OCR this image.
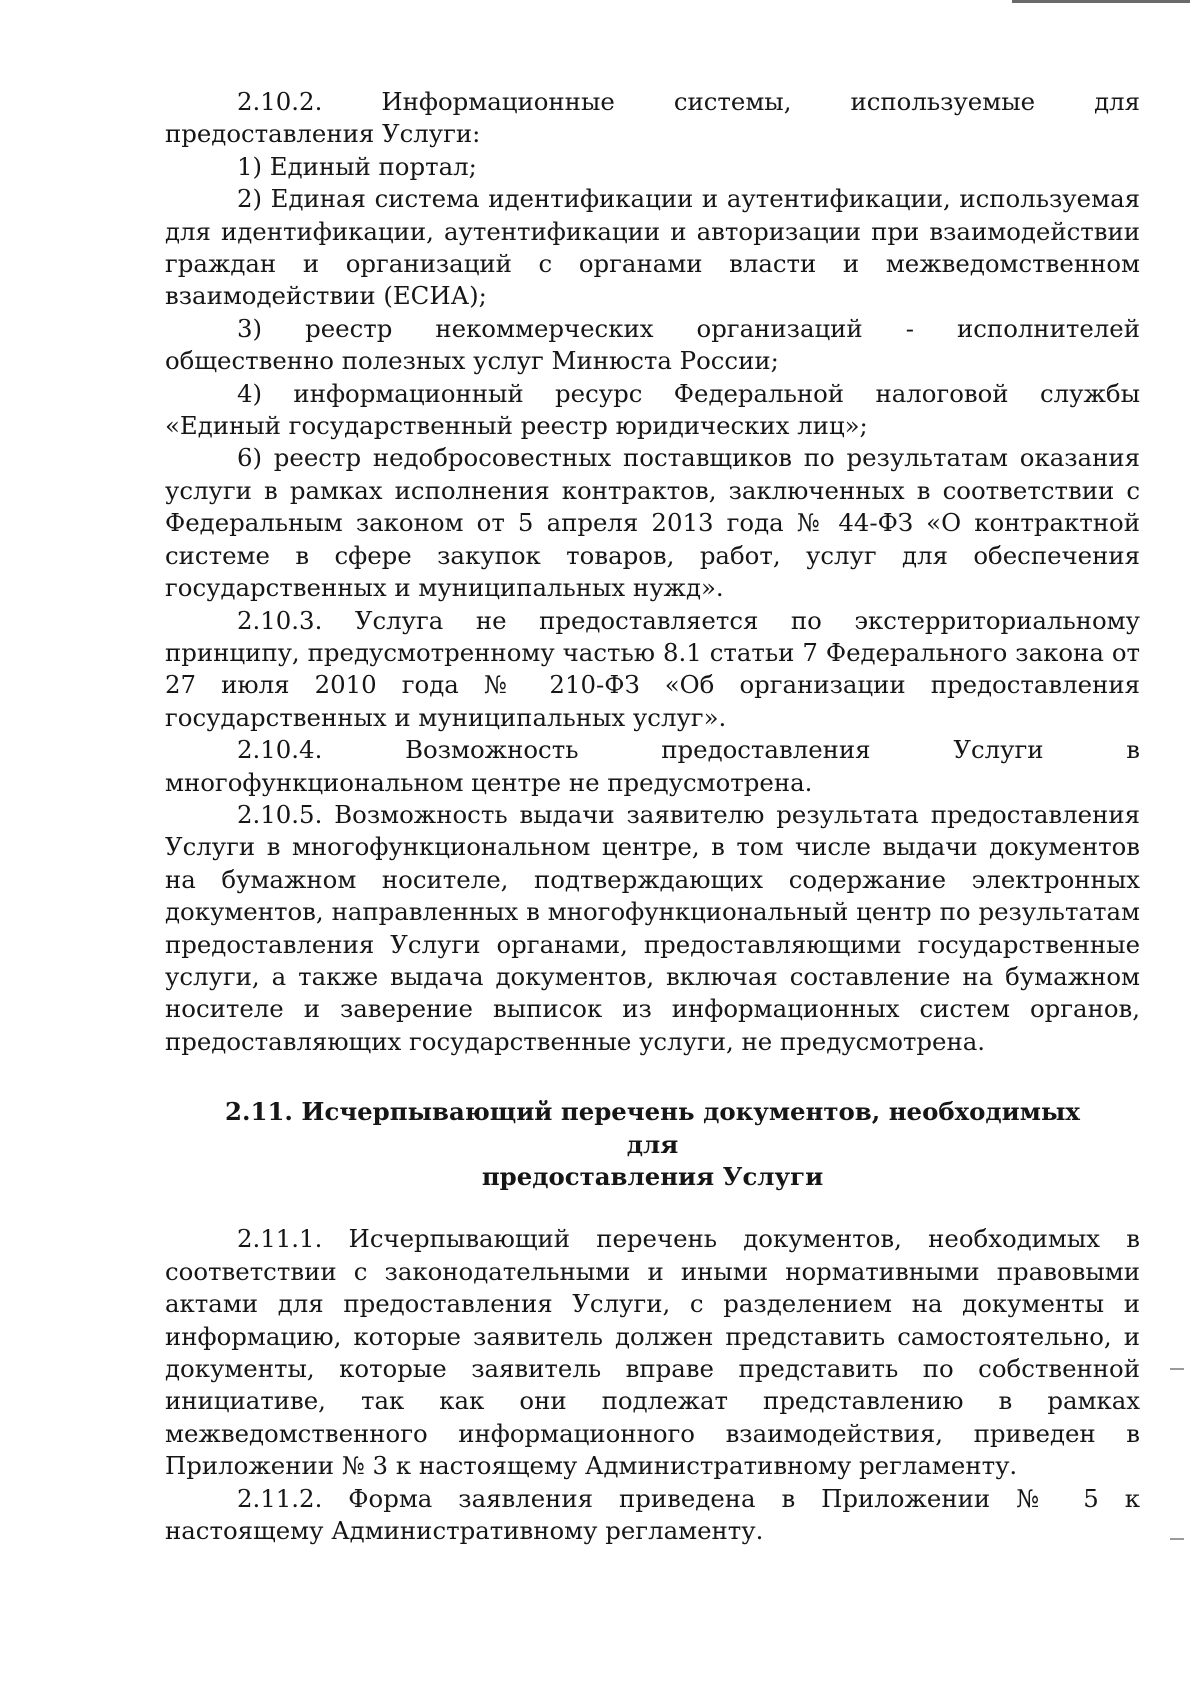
2.10.2. Информационные системы, используемые для предоставления Услуги:

1) Единый портал;

2) Единая система идентификации и аутентификации, используемая для идентификации, аутентификации и авторизации при взаимодействии граждан и организаций с органами власти и межведомственном взаимодействии (ЕСИА);

3) реестр некоммерческих организаций - исполнителей общественно полезных услуг Минюста России;

4) информационный ресурс Федеральной налоговой службы «Единый государственный реестр юридических лиц»;

6) реестр недобросовестных поставщиков по результатам оказания услуги в рамках исполнения контрактов, заключенных в соответствии с Федеральным законом от 5 апреля 2013 года № 44-ФЗ «О контрактной системе в сфере закупок товаров, работ, услуг для обеспечения государственных и муниципальных нужд».

2.10.3. Услуга не предоставляется по экстерриториальному принципу, предусмотренному частью 8.1 статьи 7 Федерального закона от 27 июля 2010 года № 210-ФЗ «Об организации предоставления государственных и муниципальных услуг».

2.10.4. Возможность предоставления Услуги в многофункциональном центре не предусмотрена.

2.10.5. Возможность выдачи заявителю результата предоставления Услуги в многофункциональном центре, в том числе выдачи документов на бумажном носителе, подтверждающих содержание электронных документов, направленных в многофункциональный центр по результатам предоставления Услуги органами, предоставляющими государственные услуги, а также выдача документов, включая составление на бумажном носителе и заверение выписок из информационных систем органов, предоставляющих государственные услуги, не предусмотрена.

2.11. Исчерпывающий перечень документов, необходимых для
предоставления Услуги

2.11.1. Исчерпывающий перечень документов, необходимых в соответствии с законодательными и иными нормативными правовыми актами для предоставления Услуги, с разделением на документы и информацию, которые заявитель должен представить самостоятельно, и документы, которые заявитель вправе представить по собственной инициативе, так как они подлежат представлению в рамках межведомственного информационного взаимодействия, приведен в Приложении № 3 к настоящему Административному регламенту.

2.11.2. Форма заявления приведена в Приложении № 5 к настоящему Административному регламенту.
